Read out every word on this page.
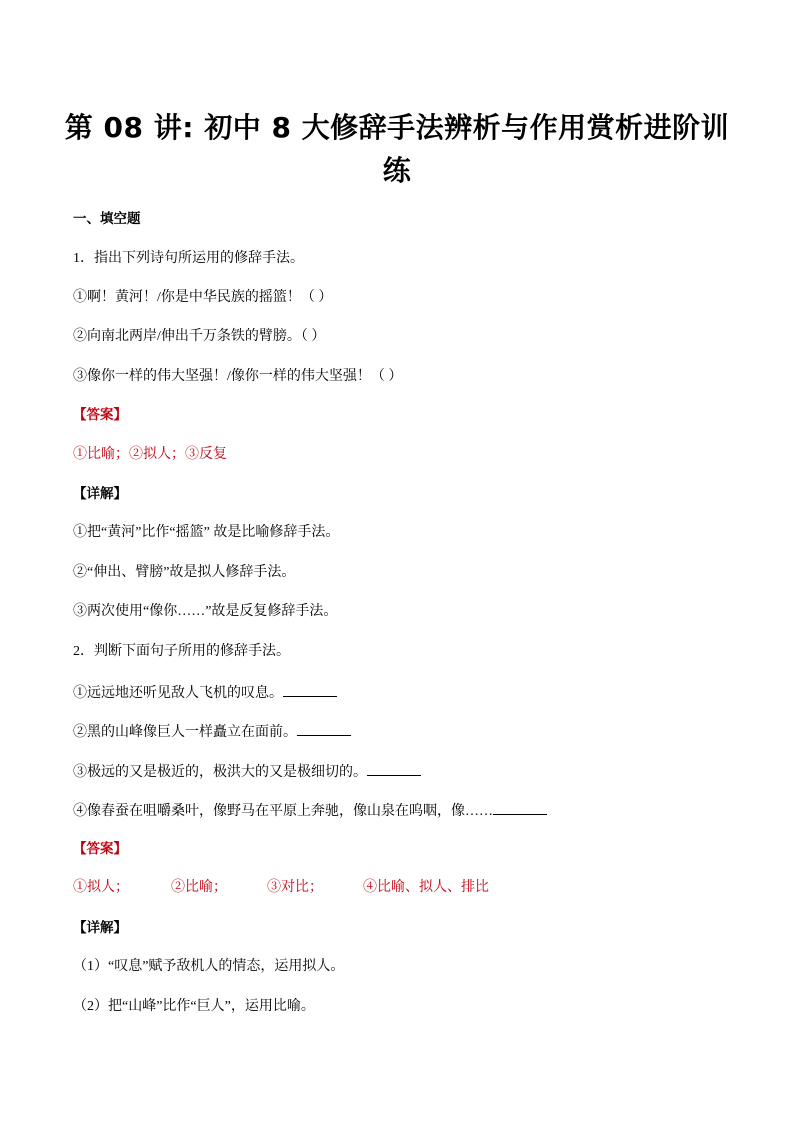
第 08 讲: 初中 8 大修辞手法辨析与作用赏析进阶训练
一、填空题
1．指出下列诗句所运用的修辞手法。
①啊！黄河！/你是中华民族的摇篮！（ ）
②向南北两岸/伸出千万条铁的臂膀。（ ）
③像你一样的伟大坚强！/像你一样的伟大坚强！（ ）
【答案】
①比喻；②拟人；③反复
【详解】
①把“黄河”比作“摇篮” 故是比喻修辞手法。
②“伸出、臂膀”故是拟人修辞手法。
③两次使用“像你……”故是反复修辞手法。
2．判断下面句子所用的修辞手法。
①远远地还听见敌人飞机的叹息。
②黑的山峰像巨人一样矗立在面前。
③极远的又是极近的，极洪大的又是极细切的。
④像春蚕在咀嚼桑叶，像野马在平原上奔驰，像山泉在呜咽，像……
【答案】
①拟人；	②比喻；	③对比；	④比喻、拟人、排比
【详解】
（1）“叹息”赋予敌机人的情态，运用拟人。
（2）把“山峰”比作“巨人”，运用比喻。
